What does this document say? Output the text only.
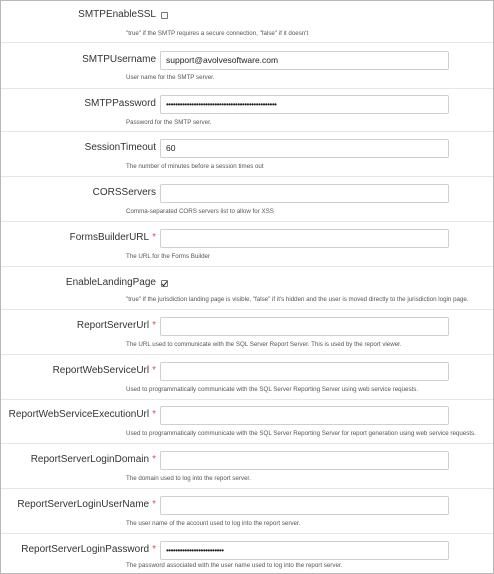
SMTPEnableSSL
"true" if the SMTP requires a secure connection, "false" if it doesn't
SMTPUsername	support@avolvesoftware.com
User name for the SMTP server.
SMTPPassword	••••••••••••••••••••••••••••••••••••••••••••••••
Password for the SMTP server.
SessionTimeout	60
The number of minutes before a session times out
CORSServers
Comma-separated CORS servers list to allow for XSS
FormsBuilderURL *
The URL for the Forms Builder
EnableLandingPage
"true" if the jurisdiction landing page is visible, "false" if it's hidden and the user is moved directly to the jurisdiction login page.
ReportServerUrl *
The URL used to communicate with the SQL Server Report Server. This is used by the report viewer.
ReportWebServiceUrl *
Used to programmatically communicate with the SQL Server Reporting Server using web service requests.
ReportWebServiceExecutionUrl *
Used to programmatically communicate with the SQL Server Reporting Server for report generation using web service requests.
ReportServerLoginDomain *
The domain used to log into the report server.
ReportServerLoginUserName *
The user name of the account used to log into the report server.
ReportServerLoginPassword *	•••••••••••••••••••••••••
The password associated with the user name used to log into the report server.
